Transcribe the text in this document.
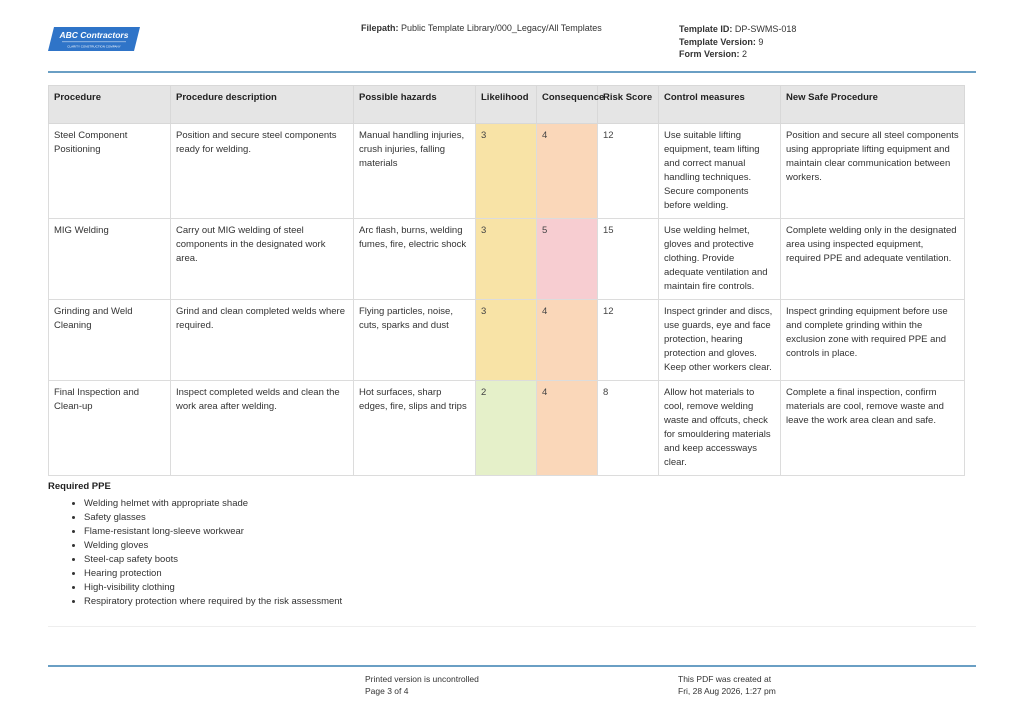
ABC Contractors
CLARITY CONSTRUCTION COMPANY
Filepath: Public Template Library/000_Legacy/All Templates	Template ID: DP-SWMS-018
Template Version: 9
Form Version: 2
Procedure	Procedure description	Possible hazards	Likelihood	Consequence	Risk Score	Control measures	New Safe Procedure
Steel Component Positioning	Position and secure steel components ready for welding.	Manual handling injuries, crush injuries, falling materials	3	4	12	Use suitable lifting equipment, team lifting and correct manual handling techniques. Secure components before welding.	Position and secure all steel components using appropriate lifting equipment and maintain clear communication between workers.
MIG Welding	Carry out MIG welding of steel components in the designated work area.	Arc flash, burns, welding fumes, fire, electric shock	3	5	15	Use welding helmet, gloves and protective clothing. Provide adequate ventilation and maintain fire controls.	Complete welding only in the designated area using inspected equipment, required PPE and adequate ventilation.
Grinding and Weld Cleaning	Grind and clean completed welds where required.	Flying particles, noise, cuts, sparks and dust	3	4	12	Inspect grinder and discs, use guards, eye and face protection, hearing protection and gloves. Keep other workers clear.	Inspect grinding equipment before use and complete grinding within the exclusion zone with required PPE and controls in place.
Final Inspection and Clean-up	Inspect completed welds and clean the work area after welding.	Hot surfaces, sharp edges, fire, slips and trips	2	4	8	Allow hot materials to cool, remove welding waste and offcuts, check for smouldering materials and keep accessways clear.	Complete a final inspection, confirm materials are cool, remove waste and leave the work area clean and safe.
Required PPE
• Welding helmet with appropriate shade
• Safety glasses
• Flame-resistant long-sleeve workwear
• Welding gloves
• Steel-cap safety boots
• Hearing protection
• High-visibility clothing
• Respiratory protection where required by the risk assessment
Printed version is uncontrolled
Page 3 of 4
This PDF was created at
Fri, 28 Aug 2026, 1:27 pm
